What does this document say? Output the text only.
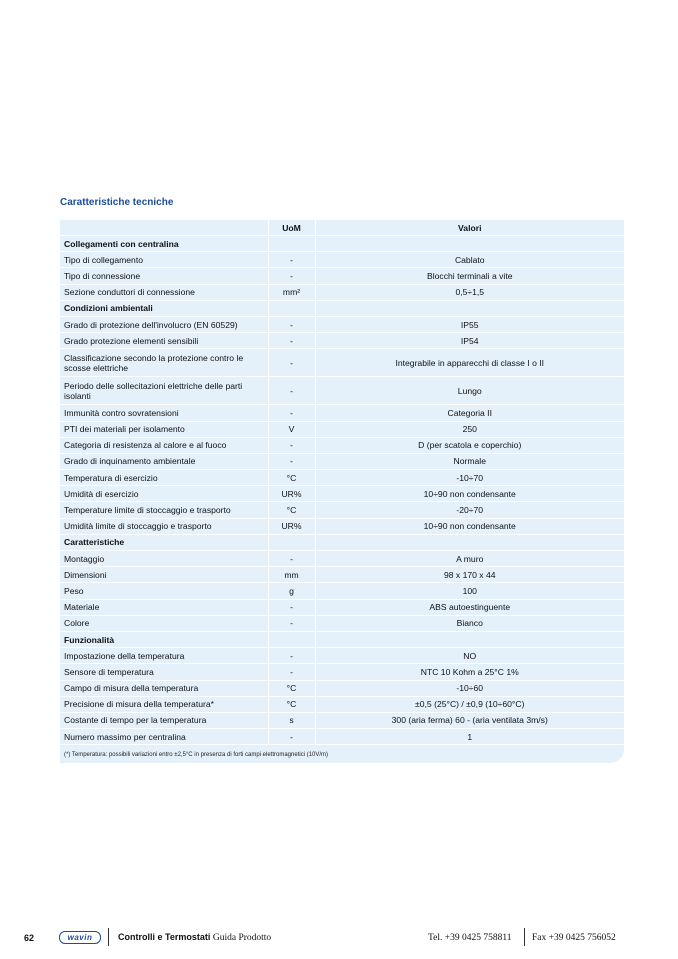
Caratteristiche tecniche
	UoM	Valori
Collegamenti con centralina		
Tipo di collegamento	-	Cablato
Tipo di connessione	-	Blocchi terminali a vite
Sezione conduttori di connessione	mm²	0,5÷1,5
Condizioni ambientali		
Grado di protezione dell'involucro (EN 60529)	-	IP55
Grado protezione elementi sensibili	-	IP54
Classificazione secondo la protezione contro le scosse elettriche	-	Integrabile in apparecchi di classe I o II
Periodo delle sollecitazioni elettriche delle parti isolanti	-	Lungo
Immunità contro sovratensioni	-	Categoria II
PTI dei materiali per isolamento	V	250
Categoria di resistenza al calore e al fuoco	-	D (per scatola e coperchio)
Grado di inquinamento ambientale	-	Normale
Temperatura di esercizio	°C	-10÷70
Umidità di esercizio	UR%	10÷90 non condensante
Temperature limite di stoccaggio e trasporto	°C	-20÷70
Umidità limite di stoccaggio e trasporto	UR%	10÷90 non condensante
Caratteristiche		
Montaggio	-	A muro
Dimensioni	mm	98 x 170 x 44
Peso	g	100
Materiale	-	ABS autoestinguente
Colore	-	Bianco
Funzionalità		
Impostazione della temperatura	-	NO
Sensore di temperatura	-	NTC 10 Kohm a 25°C 1%
Campo di misura della temperatura	°C	-10÷60
Precisione di misura della temperatura*	°C	±0,5 (25°C) / ±0,9 (10÷60°C)
Costante di tempo per la temperatura	s	300 (aria ferma) 60 - (aria ventilata 3m/s)
Numero massimo per centralina	-	1
(*) Temperatura: possibili variazioni entro ±2,5°C in presenza di forti campi elettromagnetici (10V/m)
62	wavin	Controlli e Termostati Guida Prodotto	Tel. +39 0425 758811 Fax +39 0425 756052
